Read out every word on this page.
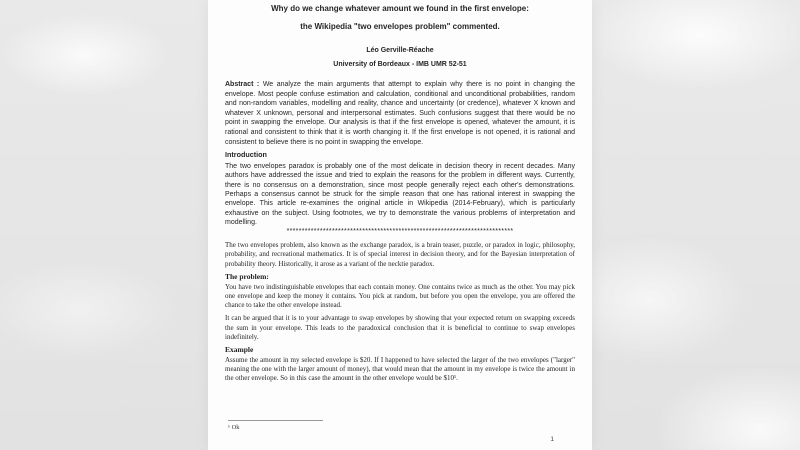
Why do we change whatever amount we found in the first envelope:

the Wikipedia "two envelopes problem" commented.

Léo Gerville-Réache

University of Bordeaux - IMB UMR 52-51

Abstract : We analyze the main arguments that attempt to explain why there is no point in changing the envelope. Most people confuse estimation and calculation, conditional and unconditional probabilities, random and non-random variables, modelling and reality, chance and uncertainty (or credence), whatever X known and whatever X unknown, personal and interpersonal estimates. Such confusions suggest that there would be no point in swapping the envelope. Our analysis is that if the first envelope is opened, whatever the amount, it is rational and consistent to think that it is worth changing it. If the first envelope is not opened, it is rational and consistent to believe there is no point in swapping the envelope.

Introduction

The two envelopes paradox is probably one of the most delicate in decision theory in recent decades. Many authors have addressed the issue and tried to explain the reasons for the problem in different ways. Currently, there is no consensus on a demonstration, since most people generally reject each other's demonstrations. Perhaps a consensus cannot be struck for the simple reason that one has rational interest in swapping the envelope. This article re-examines the original article in Wikipedia (2014-February), which is particularly exhaustive on the subject. Using footnotes, we try to demonstrate the various problems of interpretation and modelling.

***************************************************************************

The two envelopes problem, also known as the exchange paradox, is a brain teaser, puzzle, or paradox in logic, philosophy, probability, and recreational mathematics. It is of special interest in decision theory, and for the Bayesian interpretation of probability theory. Historically, it arose as a variant of the necktie paradox.

The problem:

You have two indistinguishable envelopes that each contain money. One contains twice as much as the other. You may pick one envelope and keep the money it contains. You pick at random, but before you open the envelope, you are offered the chance to take the other envelope instead.

It can be argued that it is to your advantage to swap envelopes by showing that your expected return on swapping exceeds the sum in your envelope. This leads to the paradoxical conclusion that it is beneficial to continue to swap envelopes indefinitely.

Example

Assume the amount in my selected envelope is $20. If I happened to have selected the larger of the two envelopes ("larger" meaning the one with the larger amount of money), that would mean that the amount in my envelope is twice the amount in the other envelope. So in this case the amount in the other envelope would be $10¹.

¹ Ok

1
